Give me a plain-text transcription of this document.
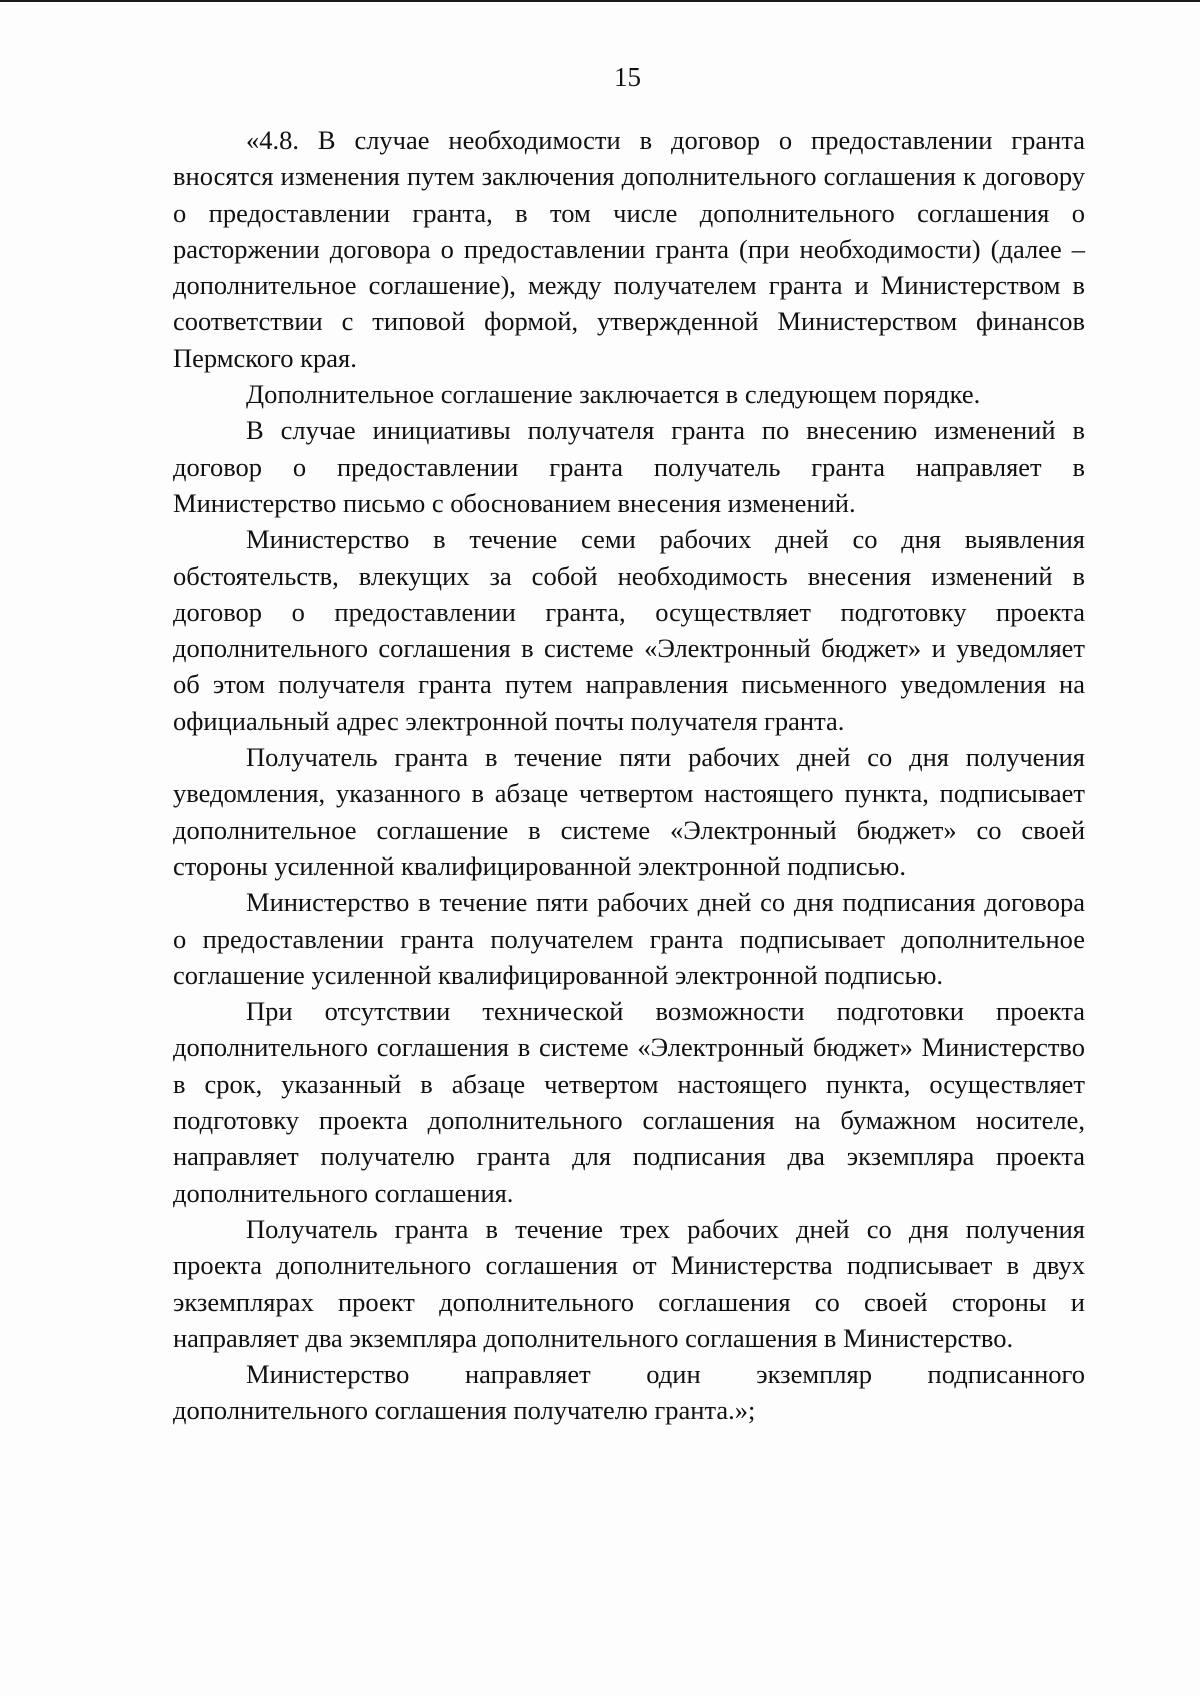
15

«4.8. В случае необходимости в договор о предоставлении гранта вносятся изменения путем заключения дополнительного соглашения к договору о предоставлении гранта, в том числе дополнительного соглашения о расторжении договора о предоставлении гранта (при необходимости) (далее – дополнительное соглашение), между получателем гранта и Министерством в соответствии с типовой формой, утвержденной Министерством финансов Пермского края.

Дополнительное соглашение заключается в следующем порядке.

В случае инициативы получателя гранта по внесению изменений в договор о предоставлении гранта получатель гранта направляет в Министерство письмо с обоснованием внесения изменений.

Министерство в течение семи рабочих дней со дня выявления обстоятельств, влекущих за собой необходимость внесения изменений в договор о предоставлении гранта, осуществляет подготовку проекта дополнительного соглашения в системе «Электронный бюджет» и уведомляет об этом получателя гранта путем направления письменного уведомления на официальный адрес электронной почты получателя гранта.

Получатель гранта в течение пяти рабочих дней со дня получения уведомления, указанного в абзаце четвертом настоящего пункта, подписывает дополнительное соглашение в системе «Электронный бюджет» со своей стороны усиленной квалифицированной электронной подписью.

Министерство в течение пяти рабочих дней со дня подписания договора о предоставлении гранта получателем гранта подписывает дополнительное соглашение усиленной квалифицированной электронной подписью.

При отсутствии технической возможности подготовки проекта дополнительного соглашения в системе «Электронный бюджет» Министерство в срок, указанный в абзаце четвертом настоящего пункта, осуществляет подготовку проекта дополнительного соглашения на бумажном носителе, направляет получателю гранта для подписания два экземпляра проекта дополнительного соглашения.

Получатель гранта в течение трех рабочих дней со дня получения проекта дополнительного соглашения от Министерства подписывает в двух экземплярах проект дополнительного соглашения со своей стороны и направляет два экземпляра дополнительного соглашения в Министерство.

Министерство направляет один экземпляр подписанного дополнительного соглашения получателю гранта.»;
